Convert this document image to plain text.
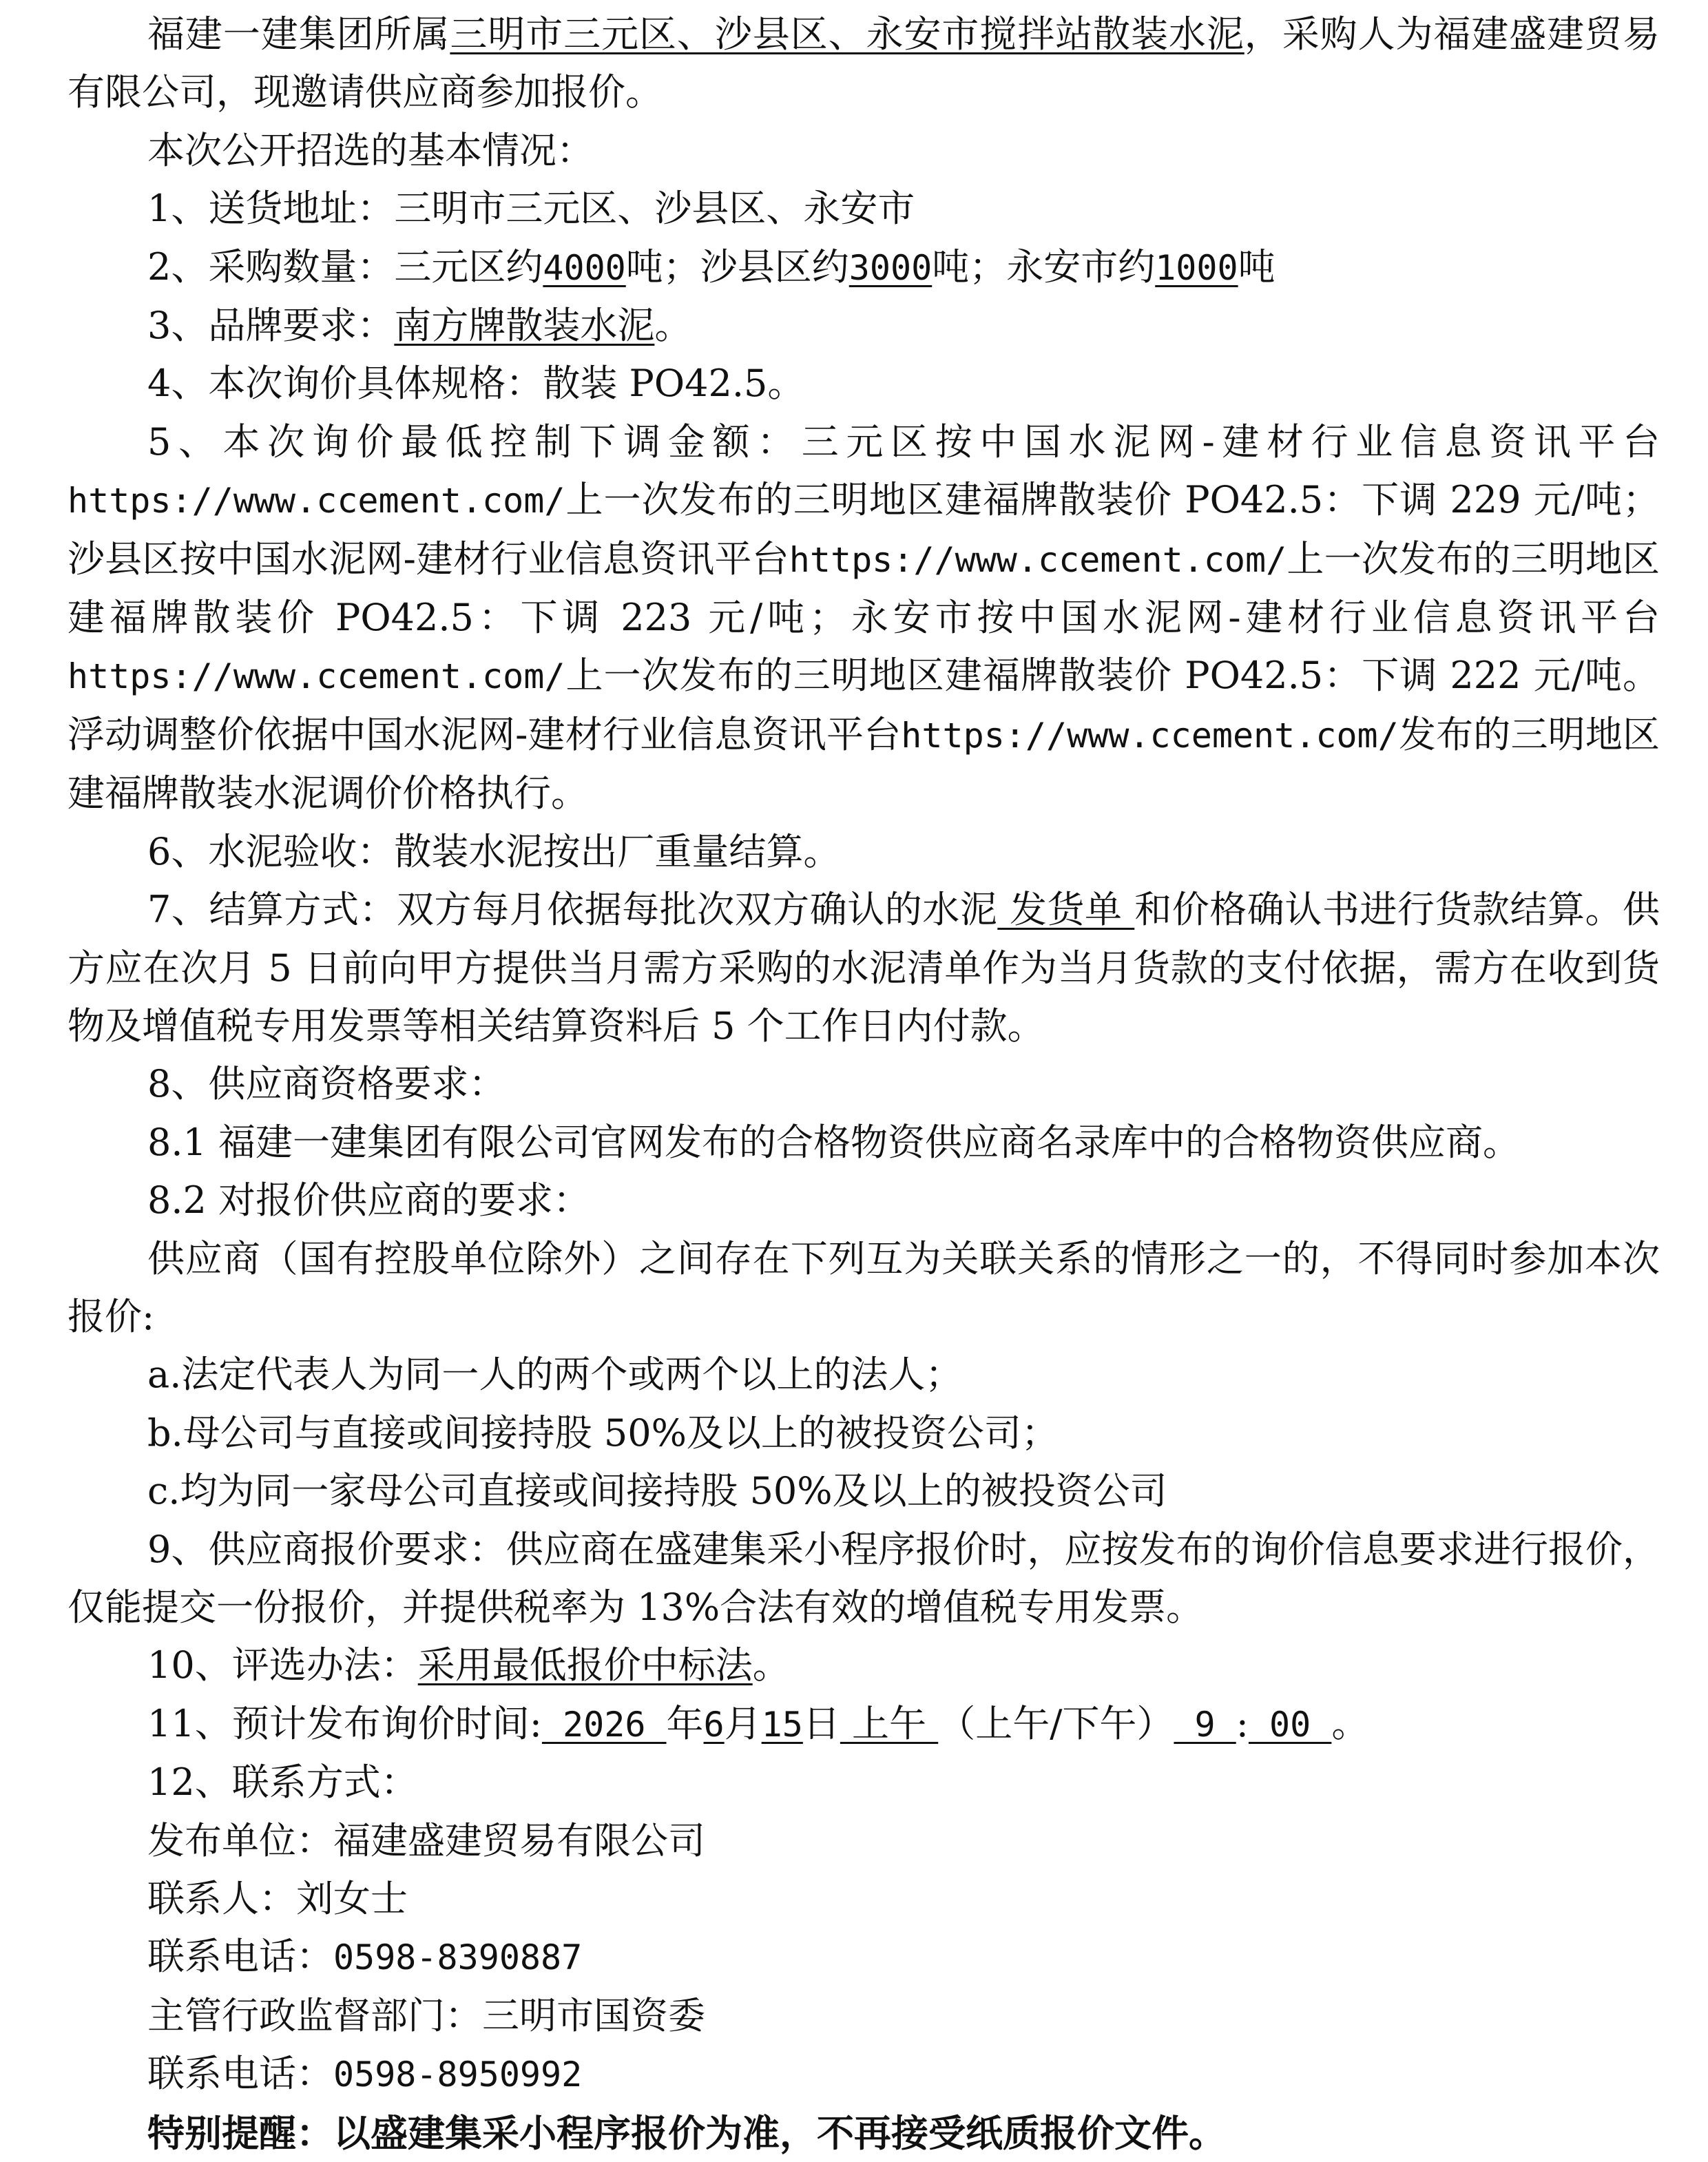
福建一建集团所属三明市三元区、沙县区、永安市搅拌站散装水泥，采购人为福建盛建贸易有限公司，现邀请供应商参加报价。

本次公开招选的基本情况：

1、送货地址：三明市三元区、沙县区、永安市

2、采购数量：三元区约4000吨；沙县区约3000吨；永安市约1000吨

3、品牌要求：南方牌散装水泥。

4、本次询价具体规格：散装 PO42.5。

5、本次询价最低控制下调金额：三元区按中国水泥网-建材行业信息资讯平台https://www.ccement.com/上一次发布的三明地区建福牌散装价 PO42.5：下调 229 元/吨；沙县区按中国水泥网-建材行业信息资讯平台https://www.ccement.com/上一次发布的三明地区建福牌散装价 PO42.5：下调 223 元/吨；永安市按中国水泥网-建材行业信息资讯平台https://www.ccement.com/上一次发布的三明地区建福牌散装价 PO42.5：下调 222 元/吨。浮动调整价依据中国水泥网-建材行业信息资讯平台https://www.ccement.com/发布的三明地区建福牌散装水泥调价价格执行。

6、水泥验收：散装水泥按出厂重量结算。

7、结算方式：双方每月依据每批次双方确认的水泥 发货单 和价格确认书进行货款结算。供方应在次月 5 日前向甲方提供当月需方采购的水泥清单作为当月货款的支付依据，需方在收到货物及增值税专用发票等相关结算资料后 5 个工作日内付款。

8、供应商资格要求：

8.1 福建一建集团有限公司官网发布的合格物资供应商名录库中的合格物资供应商。

8.2 对报价供应商的要求：

供应商（国有控股单位除外）之间存在下列互为关联关系的情形之一的，不得同时参加本次报价:

a.法定代表人为同一人的两个或两个以上的法人；

b.母公司与直接或间接持股 50%及以上的被投资公司；

c.均为同一家母公司直接或间接持股 50%及以上的被投资公司

9、供应商报价要求：供应商在盛建集采小程序报价时，应按发布的询价信息要求进行报价，仅能提交一份报价，并提供税率为 13%合法有效的增值税专用发票。

10、评选办法：采用最低报价中标法。

11、预计发布询价时间: 2026 年6月15日 上午 （上午/下午） 9 : 00 。

12、联系方式：

发布单位：福建盛建贸易有限公司

联系人：刘女士

联系电话：0598-8390887

主管行政监督部门：三明市国资委

联系电话：0598-8950992

特别提醒：以盛建集采小程序报价为准，不再接受纸质报价文件。
